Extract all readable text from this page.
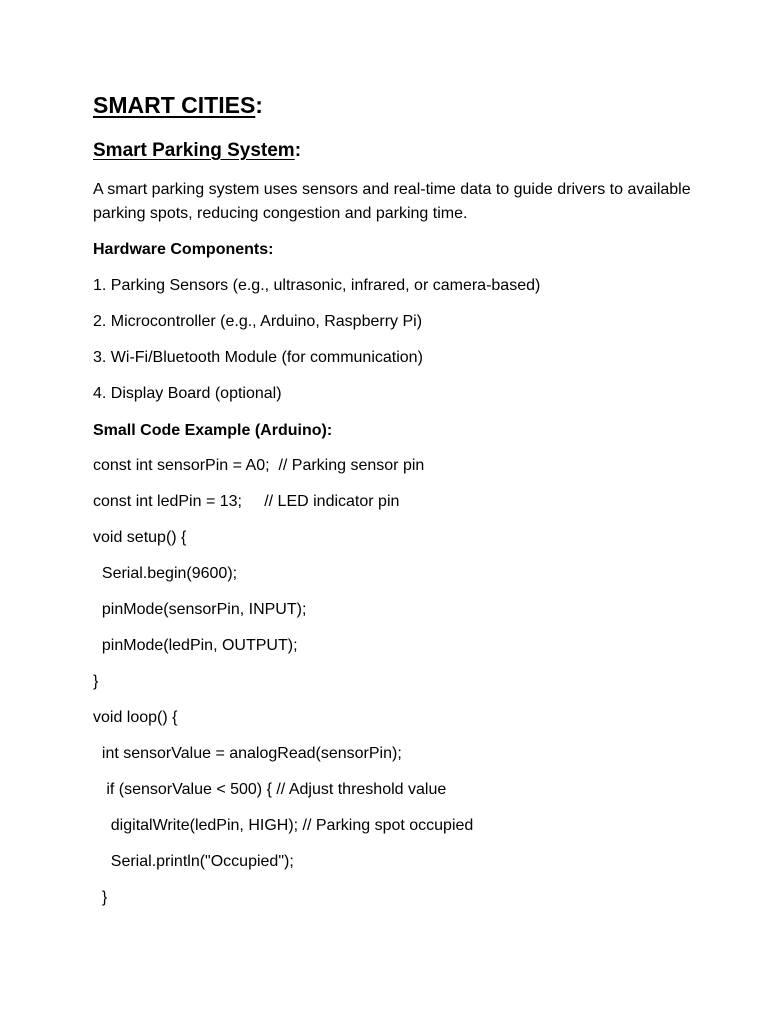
SMART CITIES:
Smart Parking System:
A smart parking system uses sensors and real-time data to guide drivers to available parking spots, reducing congestion and parking time.
Hardware Components:
1. Parking Sensors (e.g., ultrasonic, infrared, or camera-based)
2. Microcontroller (e.g., Arduino, Raspberry Pi)
3. Wi-Fi/Bluetooth Module (for communication)
4. Display Board (optional)
Small Code Example (Arduino):
const int sensorPin = A0;  // Parking sensor pin
const int ledPin = 13;     // LED indicator pin
void setup() {
Serial.begin(9600);
pinMode(sensorPin, INPUT);
pinMode(ledPin, OUTPUT);
}
void loop() {
int sensorValue = analogRead(sensorPin);
if (sensorValue < 500) { // Adjust threshold value
digitalWrite(ledPin, HIGH); // Parking spot occupied
Serial.println("Occupied");
}
